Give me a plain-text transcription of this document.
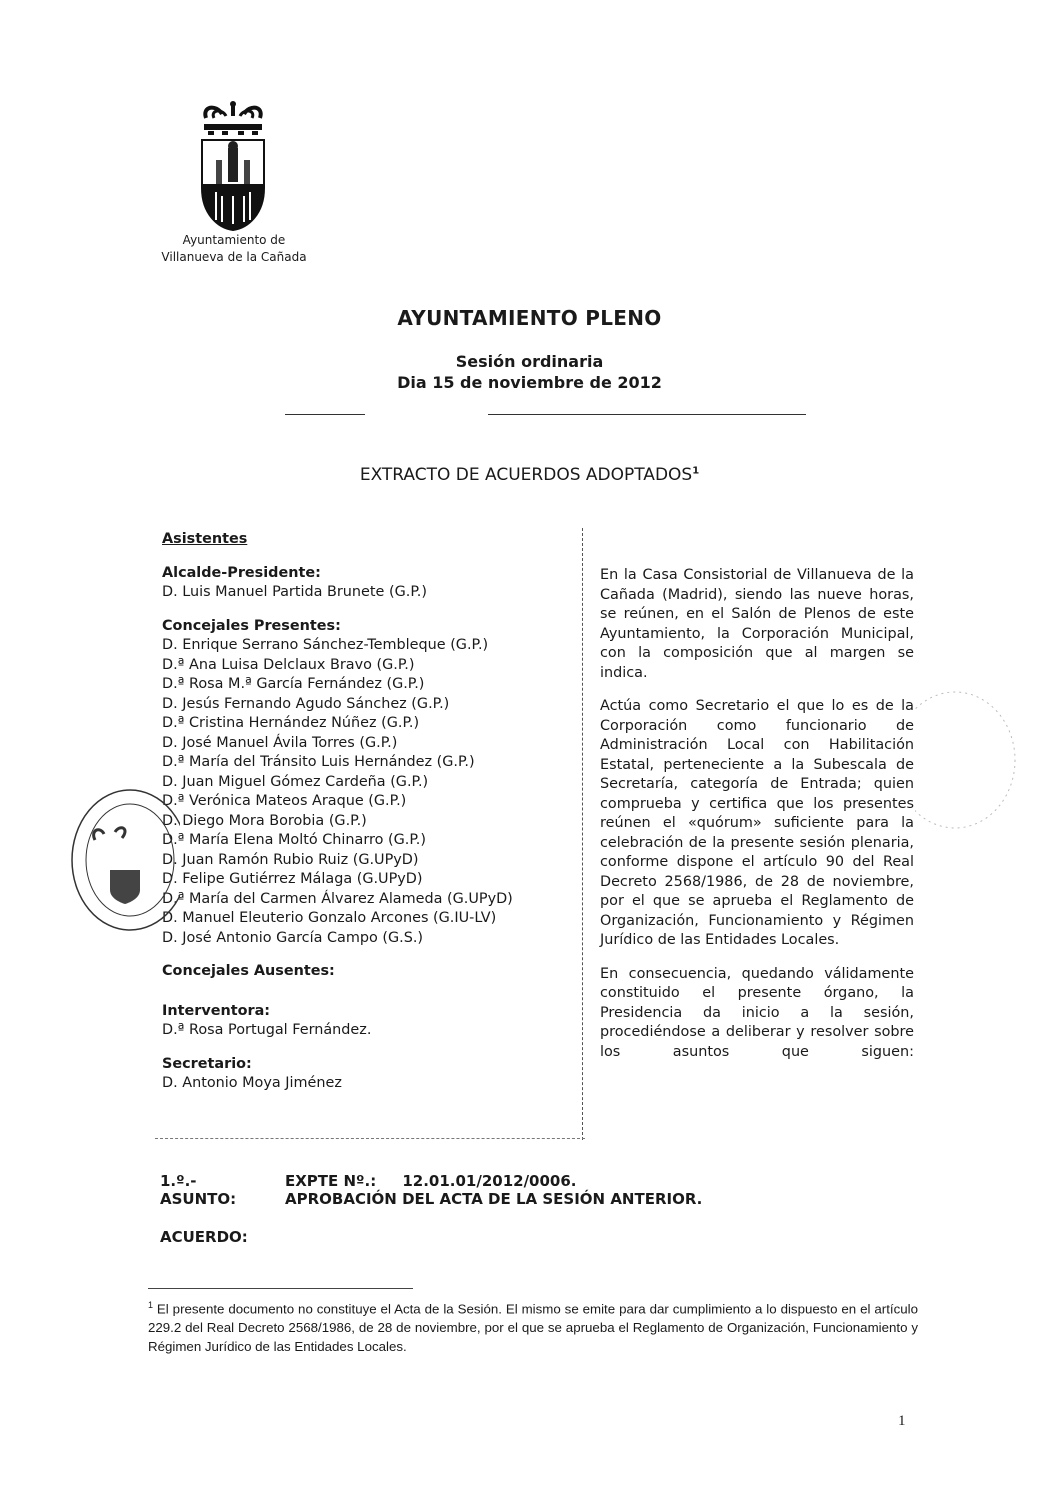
Ayuntamiento de
Villanueva de la Cañada
AYUNTAMIENTO PLENO
Sesión ordinaria
Dia 15 de noviembre de 2012
EXTRACTO DE ACUERDOS ADOPTADOS$^1$
Asistentes
Alcalde-Presidente:
D. Luis Manuel Partida Brunete (G.P.)
Concejales Presentes:
D. Enrique Serrano Sánchez-Tembleque (G.P.)
D.ª Ana Luisa Delclaux Bravo (G.P.)
D.ª Rosa M.ª García Fernández (G.P.)
D. Jesús Fernando Agudo Sánchez (G.P.)
D.ª Cristina Hernández Núñez (G.P.)
D. José Manuel Ávila Torres (G.P.)
D.ª María del Tránsito Luis Hernández (G.P.)
D. Juan Miguel Gómez Cardeña (G.P.)
D.ª Verónica Mateos Araque (G.P.)
D. Diego Mora Borobia (G.P.)
D.ª María Elena Moltó Chinarro (G.P.)
D. Juan Ramón Rubio Ruiz (G.UPyD)
D. Felipe Gutiérrez Málaga (G.UPyD)
D.ª María del Carmen Álvarez Alameda (G.UPyD)
D. Manuel Eleuterio Gonzalo Arcones (G.IU-LV)
D. José Antonio García Campo (G.S.)
Concejales Ausentes:
Interventora:
D.ª Rosa Portugal Fernández.
Secretario:
D. Antonio Moya Jiménez

En la Casa Consistorial de Villanueva de la Cañada (Madrid), siendo las nueve horas, se reúnen, en el Salón de Plenos de este Ayuntamiento, la Corporación Municipal, con la composición que al margen se indica.

Actúa como Secretario el que lo es de la Corporación como funcionario de Administración Local con Habilitación Estatal, perteneciente a la Subescala de Secretaría, categoría de Entrada; quien comprueba y certifica que los presentes reúnen el «quórum» suficiente para la celebración de la presente sesión plenaria, conforme dispone el artículo 90 del Real Decreto 2568/1986, de 28 de noviembre, por el que se aprueba el Reglamento de Organización, Funcionamiento y Régimen Jurídico de las Entidades Locales.

En consecuencia, quedando válidamente constituido el presente órgano, la Presidencia da inicio a la sesión, procediéndose a deliberar y resolver sobre los asuntos que siguen:

1.º.-	EXPTE Nº.:     12.01.01/2012/0006.
ASUNTO:	APROBACIÓN DEL ACTA DE LA SESIÓN ANTERIOR.
ACUERDO:
$^1$ El presente documento no constituye el Acta de la Sesión. El mismo se emite para dar cumplimiento a lo dispuesto en el artículo 229.2 del Real Decreto 2568/1986, de 28 de noviembre, por el que se aprueba el Reglamento de Organización, Funcionamiento y Régimen Jurídico de las Entidades Locales.
1
